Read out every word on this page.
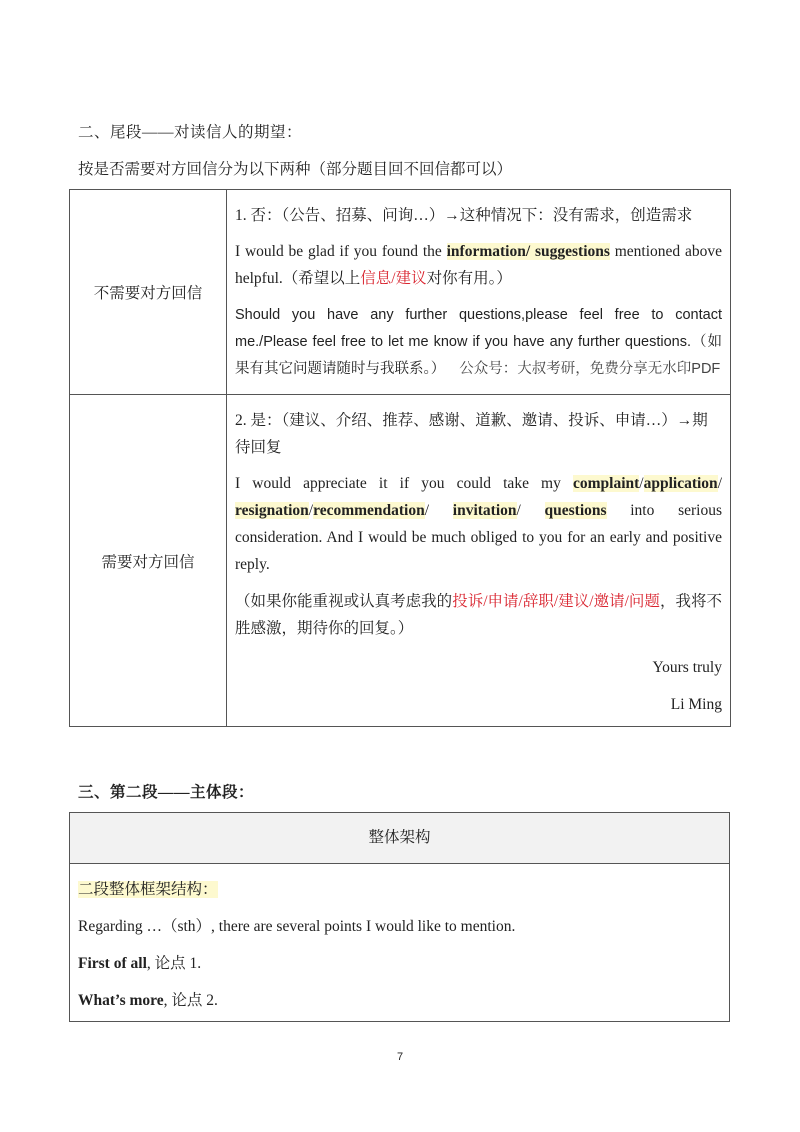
二、尾段——对读信人的期望：
按是否需要对方回信分为以下两种（部分题目回不回信都可以）
不需要对方回信	1. 否：（公告、招募、问询…）→这种情况下：没有需求，创造需求
I would be glad if you found the information/ suggestions mentioned above helpful.（希望以上信息/建议对你有用。）
Should you have any further questions,please feel free to contact me./Please feel free to let me know if you have any further questions.（如果有其它问题请随时与我联系。） 公众号：大叔考研，免费分享无水印PDF

需要对方回信	2. 是：（建议、介绍、推荐、感谢、道歉、邀请、投诉、申请…）→期待回复
I would appreciate it if you could take my complaint/application/ resignation/recommendation/ invitation/ questions into serious consideration. And I would be much obliged to you for an early and positive reply.
（如果你能重视或认真考虑我的投诉/申请/辞职/建议/邀请/问题，我将不胜感激，期待你的回复。）
Yours truly
Li Ming
三、第二段——主体段：
整体架构
二段整体框架结构：
Regarding …（sth）, there are several points I would like to mention.
First of all, 论点 1.
What’s more, 论点 2.
7
